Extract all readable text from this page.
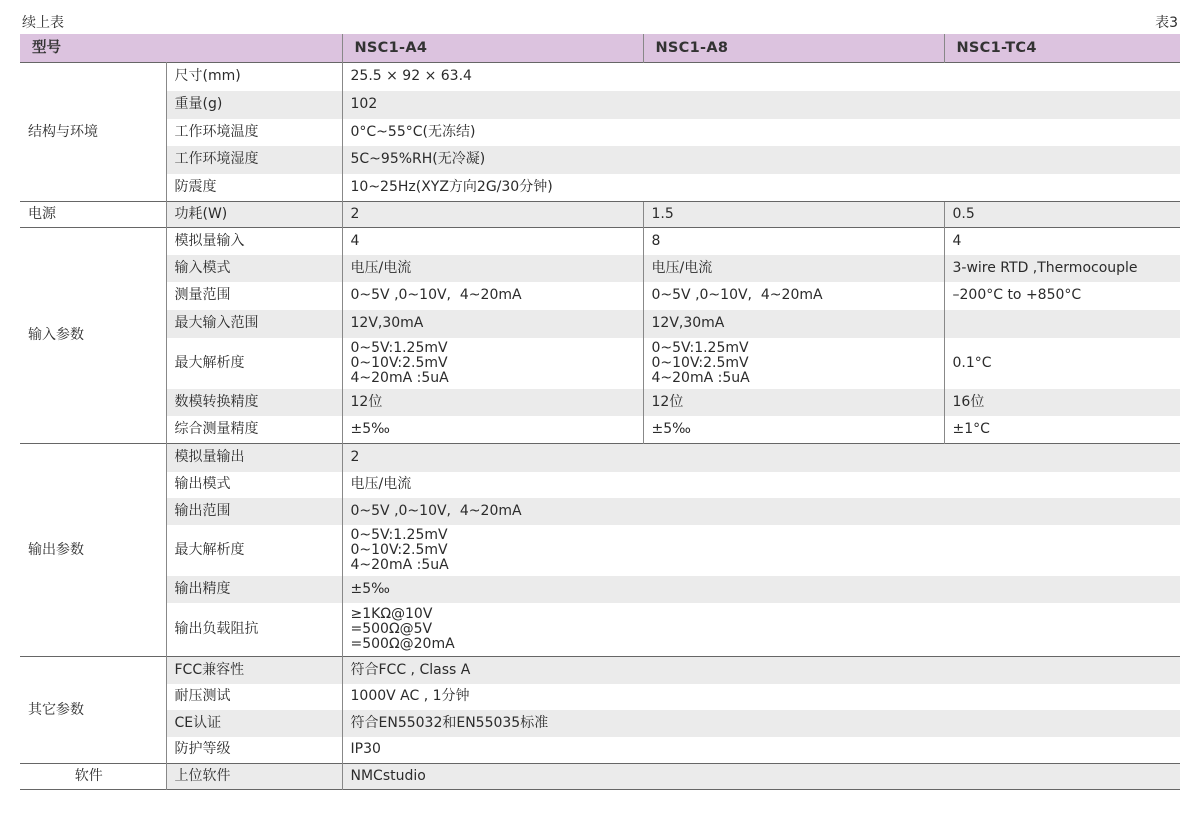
续上表	表3
型号		NSC1-A4	NSC1-A8	NSC1-TC4
结构与环境	尺寸(mm)	25.5 × 92 × 63.4		

	重量(g)	102		

	工作环境温度	0°C~55°C(无冻结)		

	工作环境湿度	5C~95%RH(无冷凝)		

	防震度	10~25Hz(XYZ方向2G/30分钟)		

电源	功耗(W)	2	1.5	0.5

输入参数	模拟量输入	4	8	4

	输入模式	电压/电流	电压/电流	3-wire RTD ,Thermocouple

	测量范围	0~5V ,0~10V,  4~20mA	0~5V ,0~10V,  4~20mA	–200°C to +850°C

	最大输入范围	12V,30mA	12V,30mA	

	最大解析度	0~5V:1.25mV
0~10V:2.5mV
4~20mA :5uA	0~5V:1.25mV
0~10V:2.5mV
4~20mA :5uA	0.1°C

	数模转换精度	12位	12位	16位

	综合测量精度	±5‰	±5‰	±1°C

输出参数	模拟量输出	2		

	输出模式	电压/电流		

	输出范围	0~5V ,0~10V,  4~20mA		

	最大解析度	0~5V:1.25mV
0~10V:2.5mV
4~20mA :5uA		

	输出精度	±5‰		

	输出负载阻抗	≥1KΩ@10V
=500Ω@5V
=500Ω@20mA		

其它参数	FCC兼容性	符合FCC , Class A		

	耐压测试	1000V AC , 1分钟		

	CE认证	符合EN55032和EN55035标准		

	防护等级	IP30		

软件	上位软件	NMCstudio		
